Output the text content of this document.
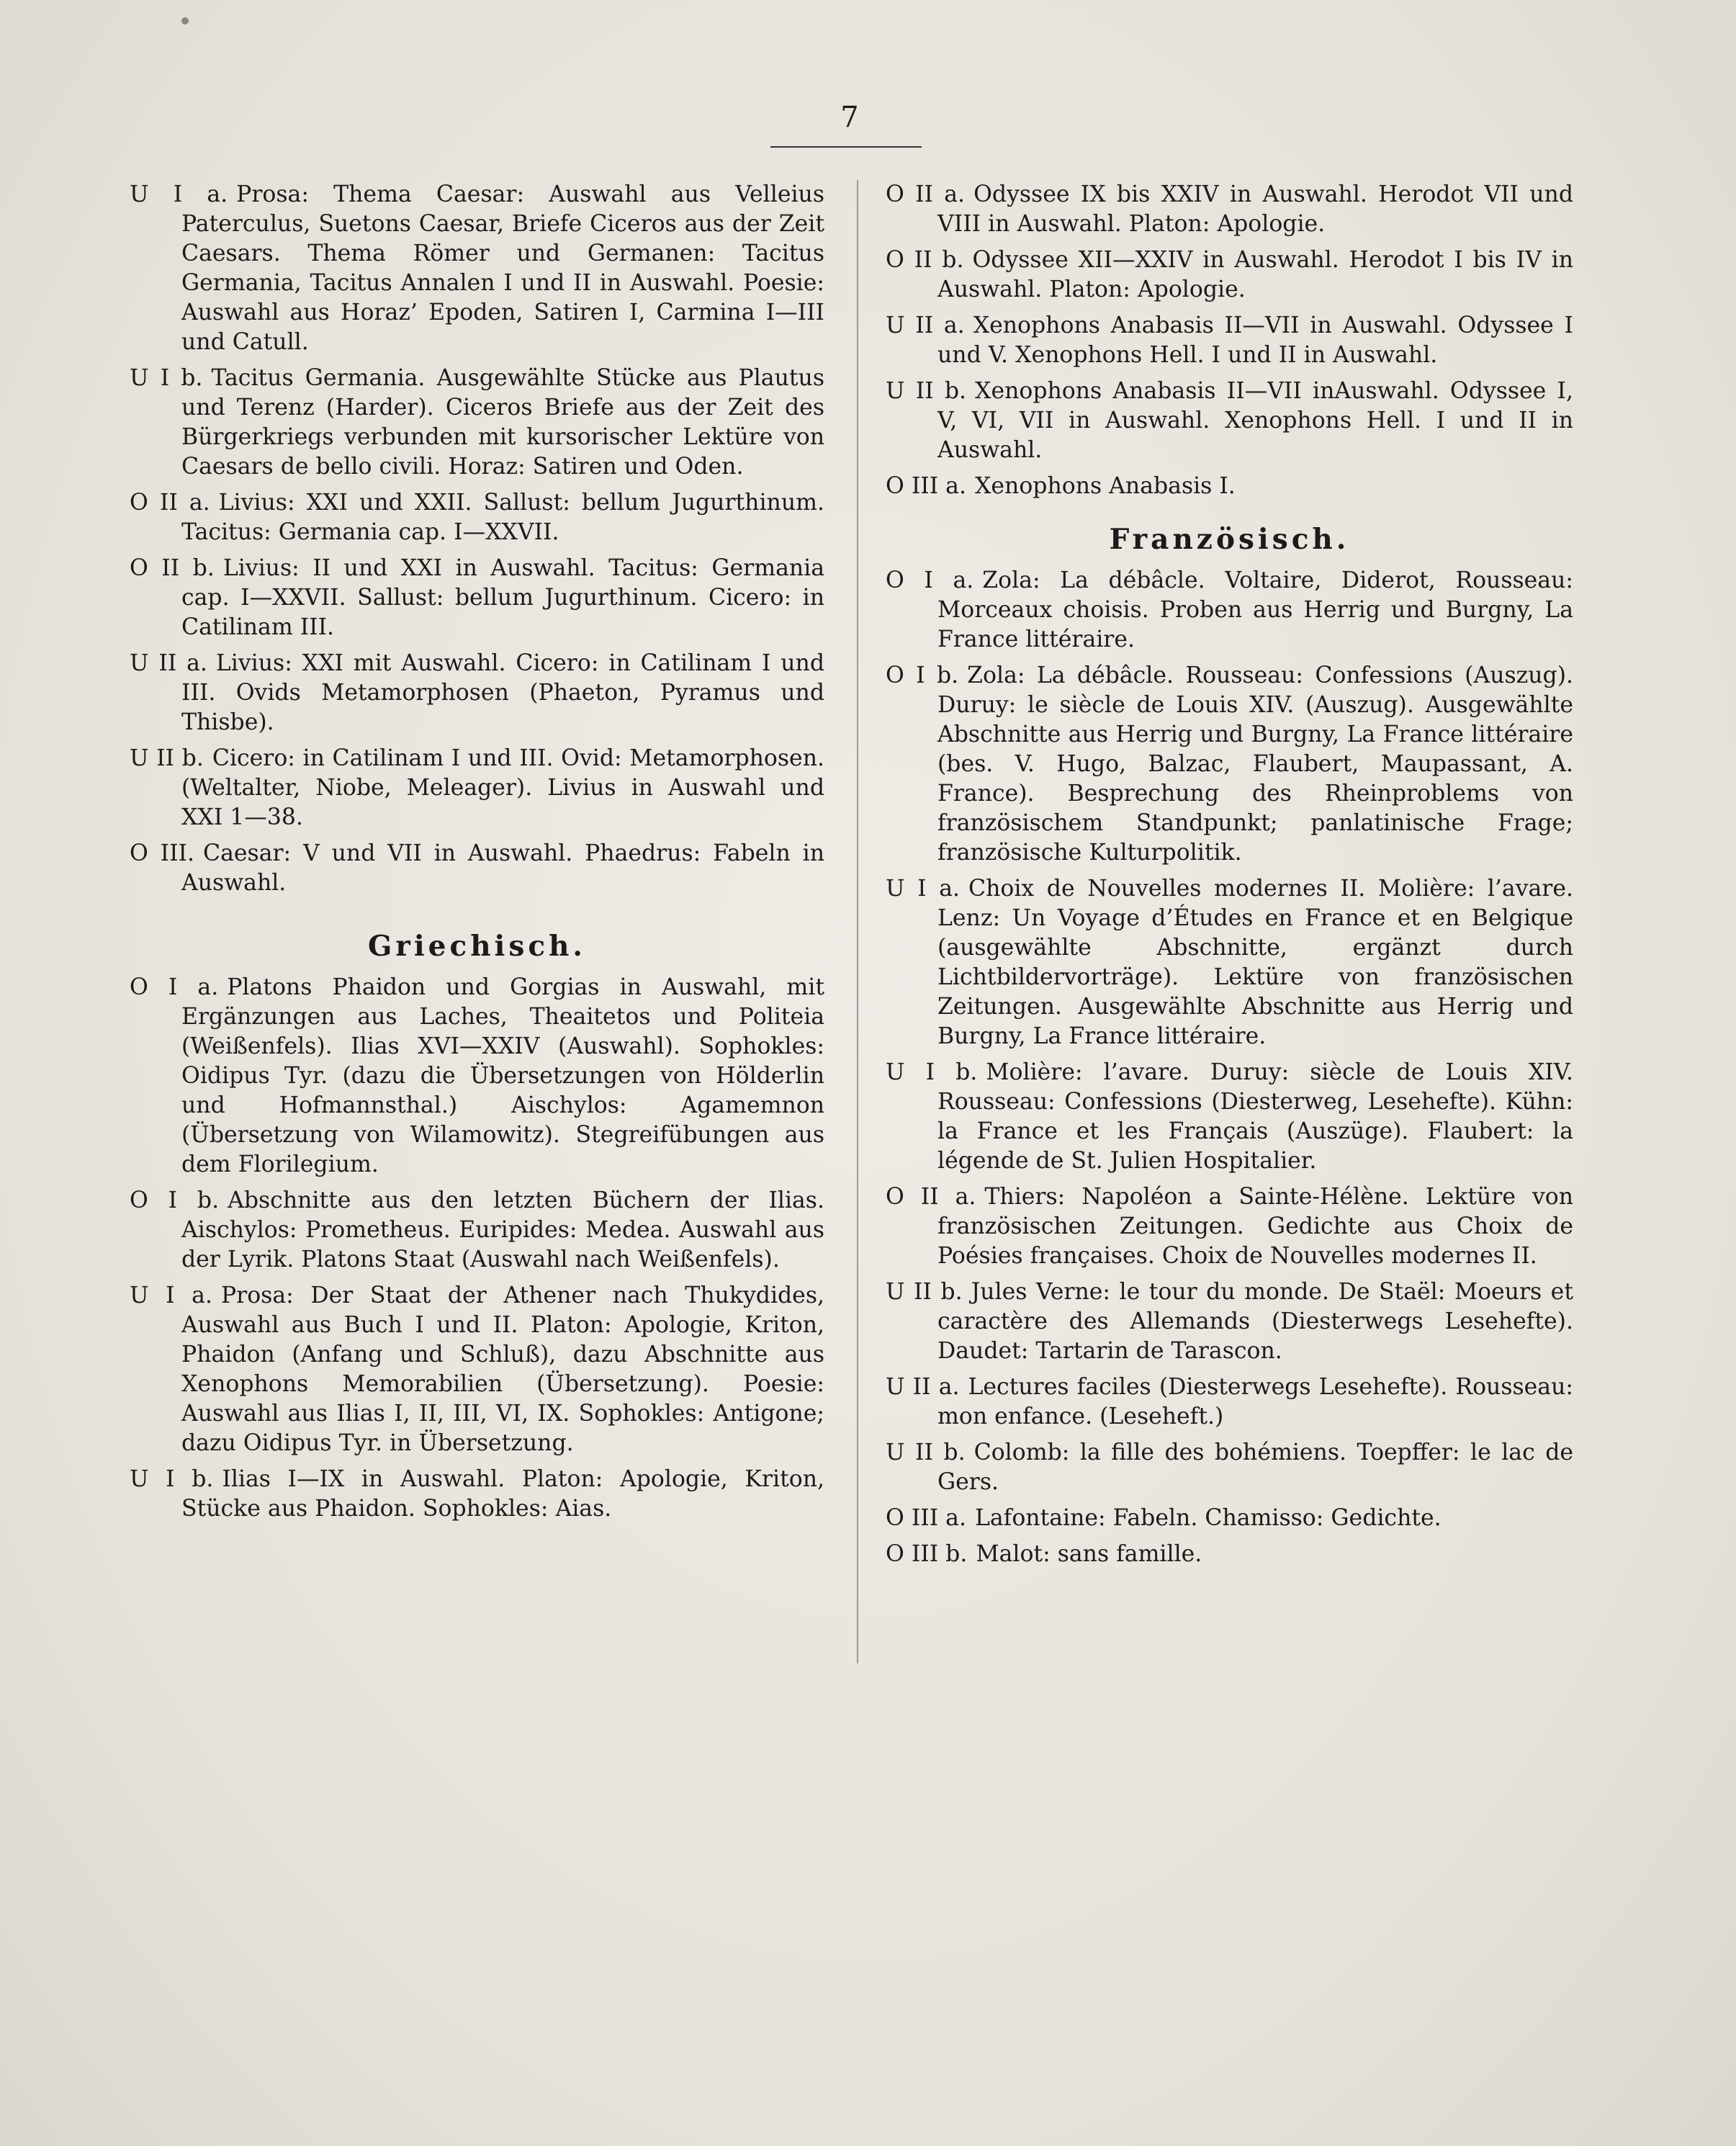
7

U I a. Prosa: Thema Caesar: Auswahl aus Velleius Paterculus, Suetons Caesar, Briefe Ciceros aus der Zeit Caesars. Thema Römer und Germanen: Tacitus Germania, Tacitus Annalen I und II in Auswahl. Poesie: Auswahl aus Horaz’ Epoden, Satiren I, Carmina I—III und Catull.

U I b. Tacitus Germania. Ausgewählte Stücke aus Plautus und Terenz (Harder). Ciceros Briefe aus der Zeit des Bürgerkriegs verbunden mit kursorischer Lektüre von Caesars de bello civili. Horaz: Satiren und Oden.

O II a. Livius: XXI und XXII. Sallust: bellum Jugurthinum. Tacitus: Germania cap. I—XXVII.

O II b. Livius: II und XXI in Auswahl. Tacitus: Germania cap. I—XXVII. Sallust: bellum Jugurthinum. Cicero: in Catilinam III.

U II a. Livius: XXI mit Auswahl. Cicero: in Catilinam I und III. Ovids Metamorphosen (Phaeton, Pyramus und Thisbe).

U II b. Cicero: in Catilinam I und III. Ovid: Metamorphosen. (Weltalter, Niobe, Meleager). Livius in Auswahl und XXI 1—38.

O III. Caesar: V und VII in Auswahl. Phaedrus: Fabeln in Auswahl.

Griechisch.

O I a. Platons Phaidon und Gorgias in Auswahl, mit Ergänzungen aus Laches, Theaitetos und Politeia (Weißenfels). Ilias XVI—XXIV (Auswahl). Sophokles: Oidipus Tyr. (dazu die Übersetzungen von Hölderlin und Hofmannsthal.) Aischylos: Agamemnon (Übersetzung von Wilamowitz). Stegreifübungen aus dem Florilegium.

O I b. Abschnitte aus den letzten Büchern der Ilias. Aischylos: Prometheus. Euripides: Medea. Auswahl aus der Lyrik. Platons Staat (Auswahl nach Weißenfels).

U I a. Prosa: Der Staat der Athener nach Thukydides, Auswahl aus Buch I und II. Platon: Apologie, Kriton, Phaidon (Anfang und Schluß), dazu Abschnitte aus Xenophons Memorabilien (Übersetzung). Poesie: Auswahl aus Ilias I, II, III, VI, IX. Sophokles: Antigone; dazu Oidipus Tyr. in Übersetzung.

U I b. Ilias I—IX in Auswahl. Platon: Apologie, Kriton, Stücke aus Phaidon. Sophokles: Aias.

O II a. Odyssee IX bis XXIV in Auswahl. Herodot VII und VIII in Auswahl. Platon: Apologie.

O II b. Odyssee XII—XXIV in Auswahl. Herodot I bis IV in Auswahl. Platon: Apologie.

U II a. Xenophons Anabasis II—VII in Auswahl. Odyssee I und V. Xenophons Hell. I und II in Auswahl.

U II b. Xenophons Anabasis II—VII inAuswahl. Odyssee I, V, VI, VII in Auswahl. Xenophons Hell. I und II in Auswahl.

O III a. Xenophons Anabasis I.

Französisch.

O I a. Zola: La débâcle. Voltaire, Diderot, Rousseau: Morceaux choisis. Proben aus Herrig und Burgny, La France littéraire.

O I b. Zola: La débâcle. Rousseau: Confessions (Auszug). Duruy: le siècle de Louis XIV. (Auszug). Ausgewählte Abschnitte aus Herrig und Burgny, La France littéraire (bes. V. Hugo, Balzac, Flaubert, Maupassant, A. France). Besprechung des Rheinproblems von französischem Standpunkt; panlatinische Frage; französische Kulturpolitik.

U I a. Choix de Nouvelles modernes II. Molière: l’avare. Lenz: Un Voyage d’Études en France et en Belgique (ausgewählte Abschnitte, ergänzt durch Lichtbildervorträge). Lektüre von französischen Zeitungen. Ausgewählte Abschnitte aus Herrig und Burgny, La France littéraire.

U I b. Molière: l’avare. Duruy: siècle de Louis XIV. Rousseau: Confessions (Diesterweg, Lesehefte). Kühn: la France et les Français (Auszüge). Flaubert: la légende de St. Julien Hospitalier.

O II a. Thiers: Napoléon a Sainte-Hélène. Lektüre von französischen Zeitungen. Gedichte aus Choix de Poésies françaises. Choix de Nouvelles modernes II.

U II b. Jules Verne: le tour du monde. De Staël: Moeurs et caractère des Allemands (Diesterwegs Lesehefte). Daudet: Tartarin de Tarascon.

U II a. Lectures faciles (Diesterwegs Lesehefte). Rousseau: mon enfance. (Leseheft.)

U II b. Colomb: la fille des bohémiens. Toepffer: le lac de Gers.

O III a. Lafontaine: Fabeln. Chamisso: Gedichte.

O III b. Malot: sans famille.
